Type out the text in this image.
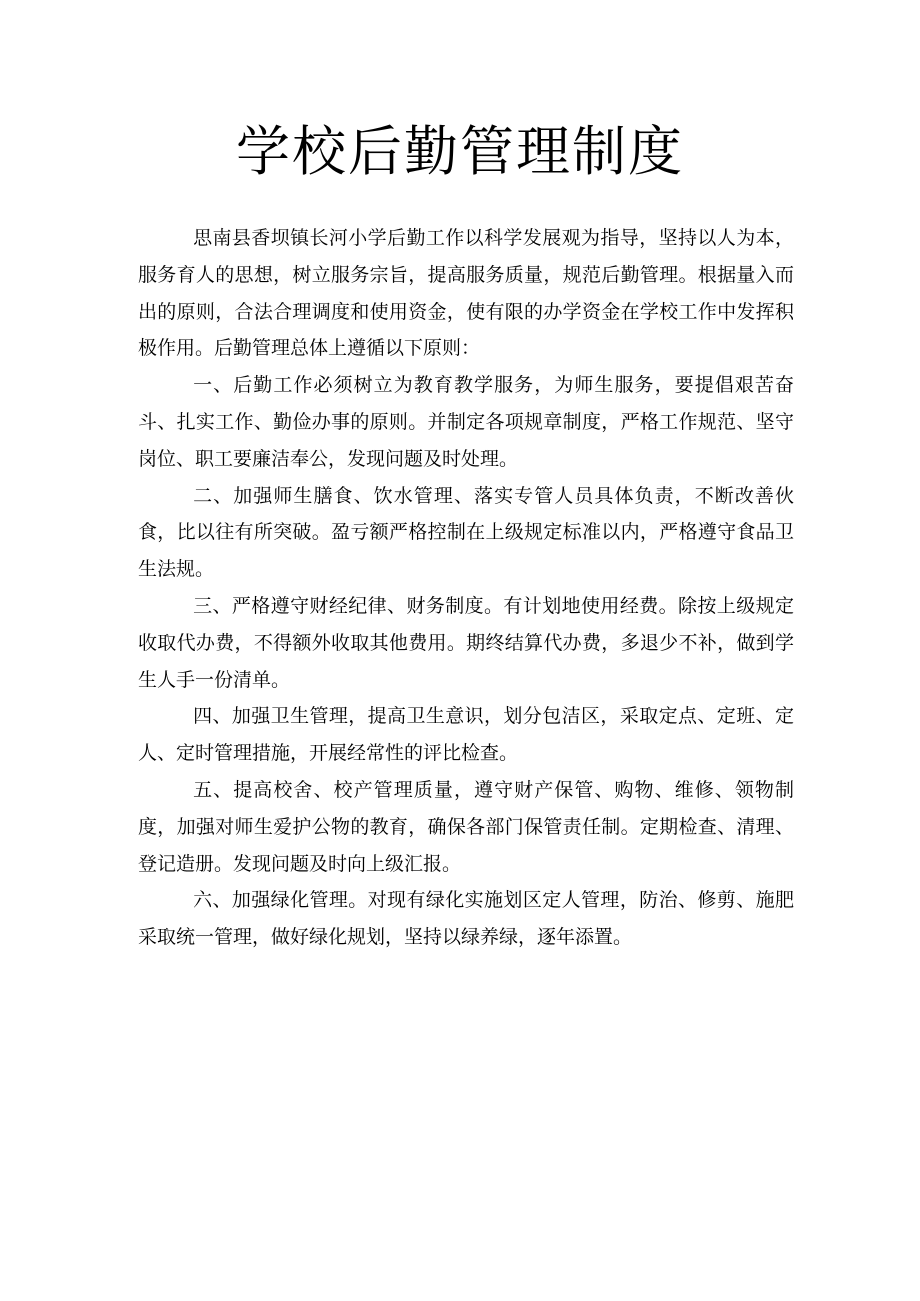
学校后勤管理制度

思南县香坝镇长河小学后勤工作以科学发展观为指导，坚持以人为本，服务育人的思想，树立服务宗旨，提高服务质量，规范后勤管理。根据量入而出的原则，合法合理调度和使用资金，使有限的办学资金在学校工作中发挥积极作用。后勤管理总体上遵循以下原则：

一、后勤工作必须树立为教育教学服务，为师生服务，要提倡艰苦奋斗、扎实工作、勤俭办事的原则。并制定各项规章制度，严格工作规范、坚守岗位、职工要廉洁奉公，发现问题及时处理。

二、加强师生膳食、饮水管理、落实专管人员具体负责，不断改善伙食，比以往有所突破。盈亏额严格控制在上级规定标准以内，严格遵守食品卫生法规。

三、严格遵守财经纪律、财务制度。有计划地使用经费。除按上级规定收取代办费，不得额外收取其他费用。期终结算代办费，多退少不补，做到学生人手一份清单。

四、加强卫生管理，提高卫生意识，划分包洁区，采取定点、定班、定人、定时管理措施，开展经常性的评比检查。

五、提高校舍、校产管理质量，遵守财产保管、购物、维修、领物制度，加强对师生爱护公物的教育，确保各部门保管责任制。定期检查、清理、登记造册。发现问题及时向上级汇报。

六、加强绿化管理。对现有绿化实施划区定人管理，防治、修剪、施肥采取统一管理，做好绿化规划，坚持以绿养绿，逐年添置。
